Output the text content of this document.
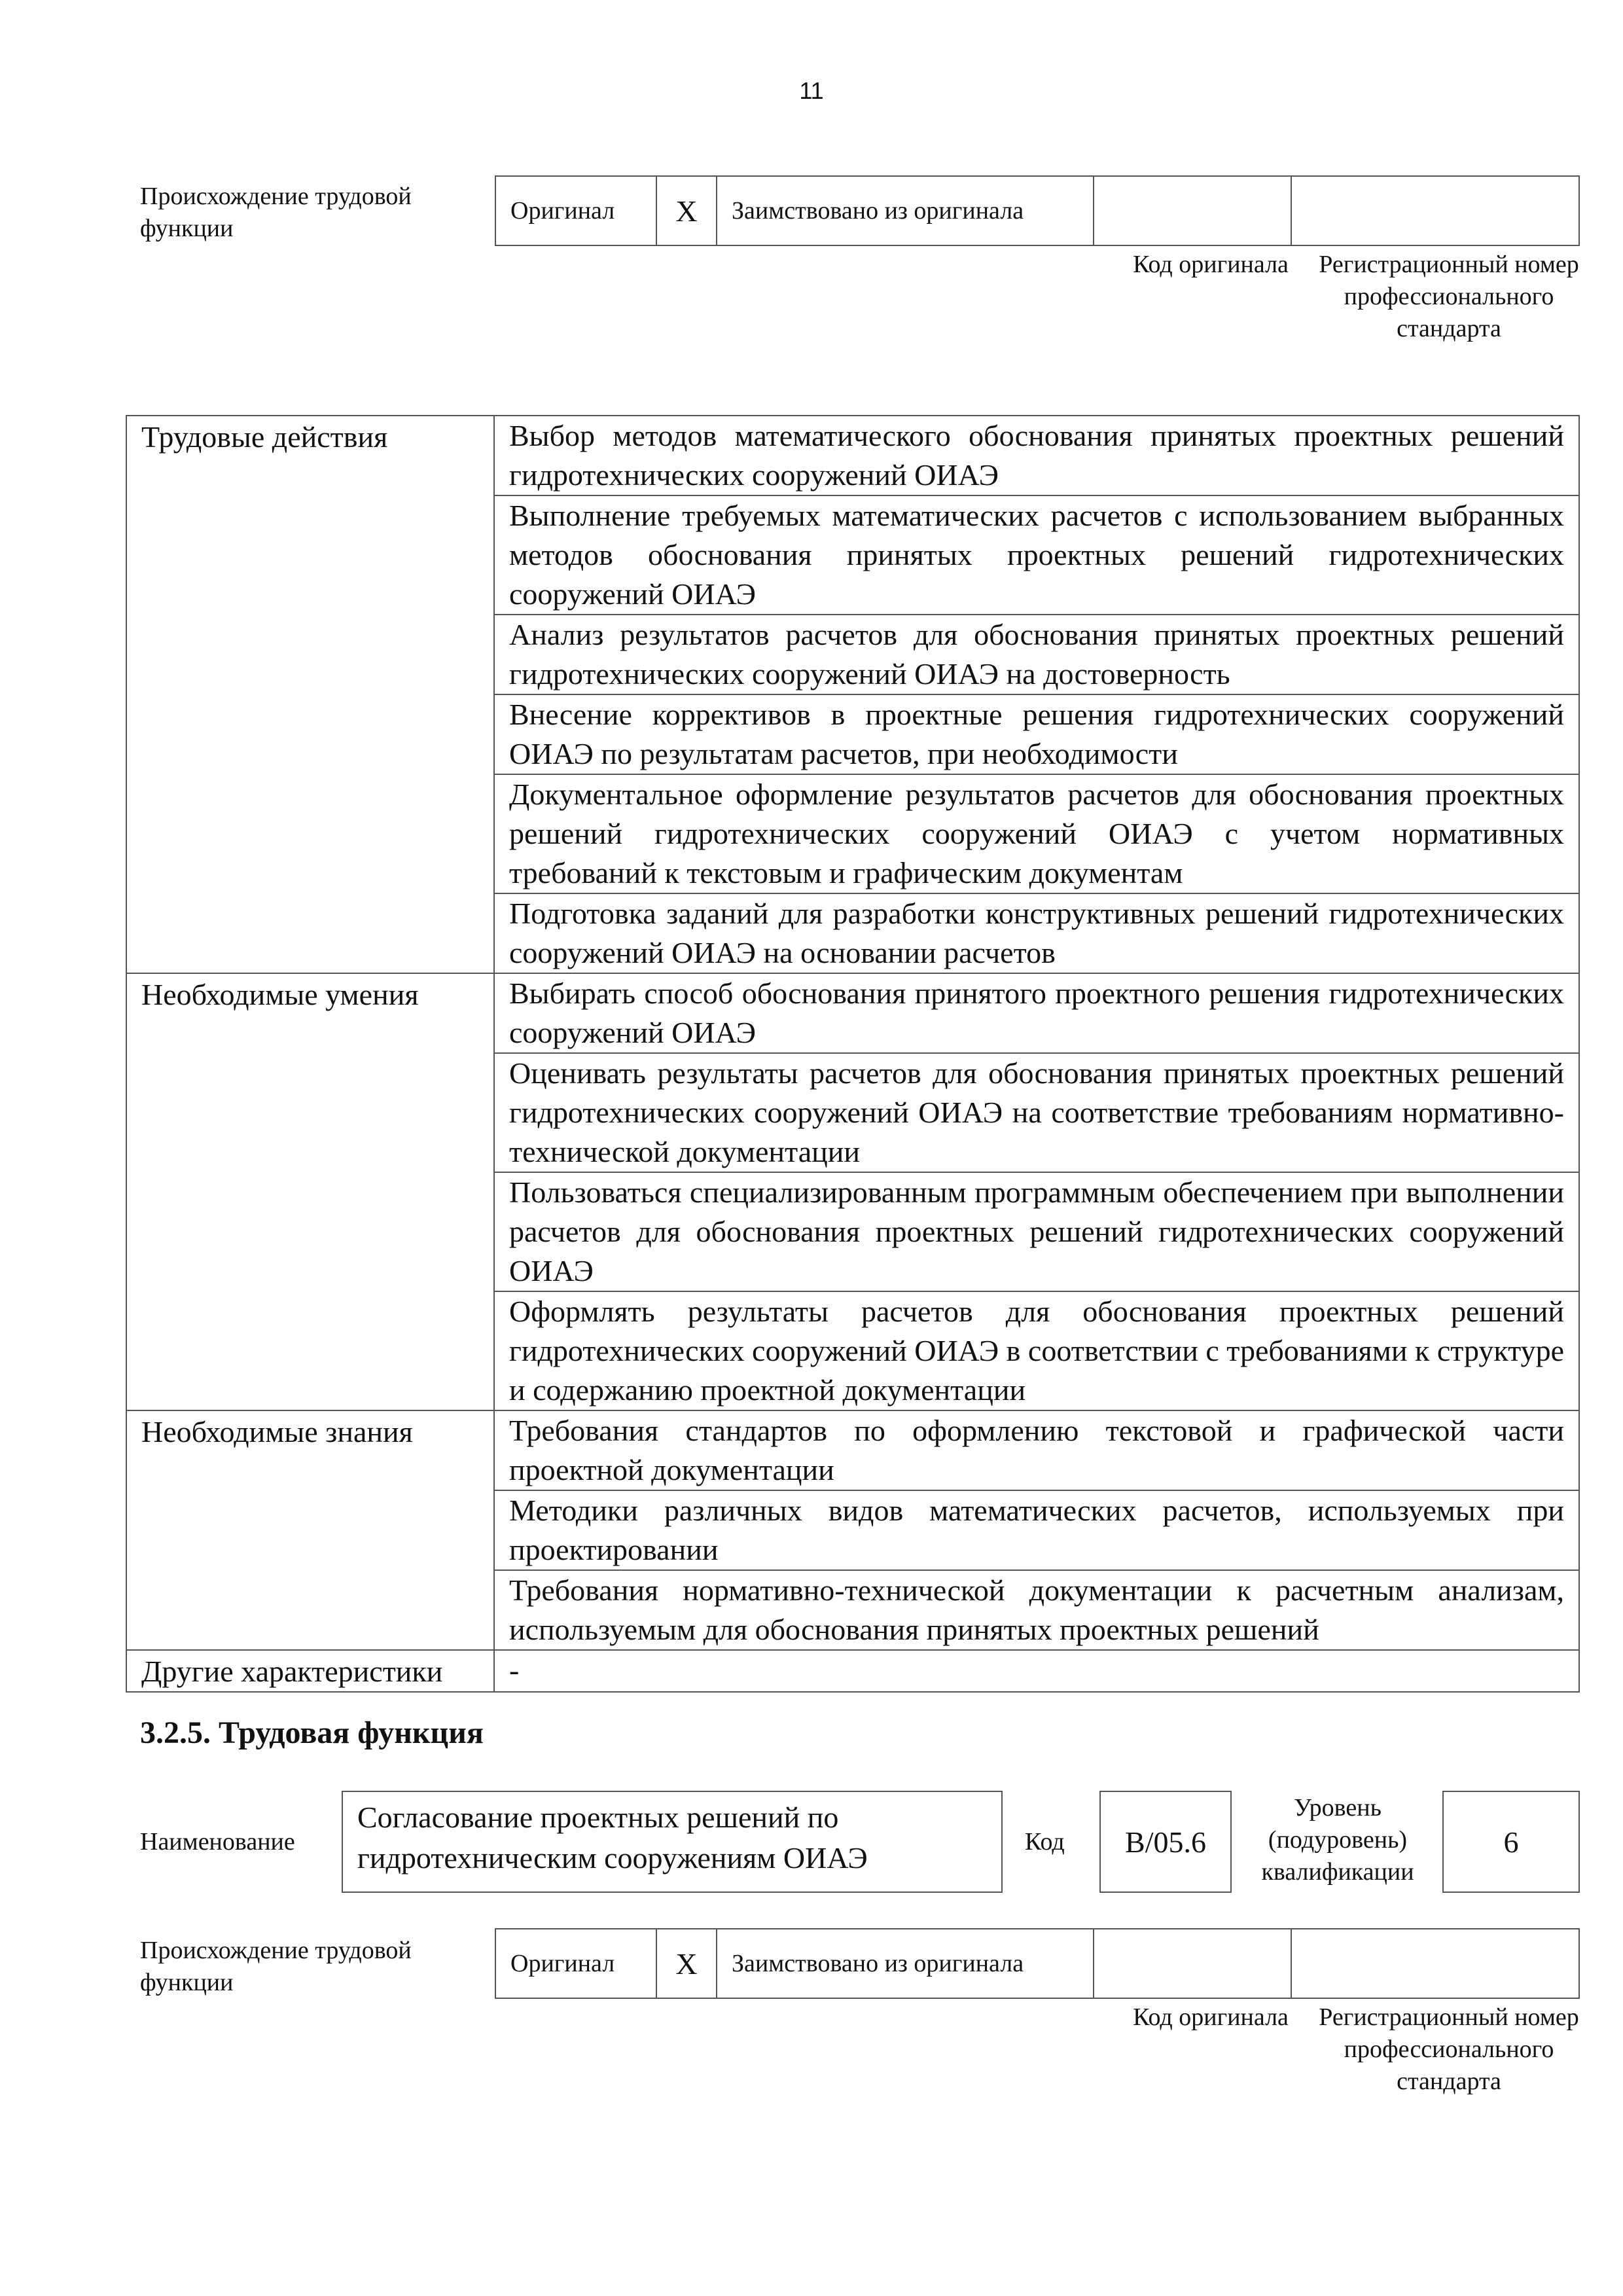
11
Происхождение трудовой функции
Оригинал	X	Заимствовано из оригинала		
Код оригинала	Регистрационный номер профессионального стандарта
Трудовые действия	Выбор методов математического обоснования принятых проектных решений гидротехнических сооружений ОИАЭ
	Выполнение требуемых математических расчетов с использованием выбранных методов обоснования принятых проектных решений гидротехнических сооружений ОИАЭ
	Анализ результатов расчетов для обоснования принятых проектных решений гидротехнических сооружений ОИАЭ на достоверность
	Внесение коррективов в проектные решения гидротехнических сооружений ОИАЭ по результатам расчетов, при необходимости
	Документальное оформление результатов расчетов для обоснования проектных решений гидротехнических сооружений ОИАЭ с учетом нормативных требований к текстовым и графическим документам
	Подготовка заданий для разработки конструктивных решений гидротехнических сооружений ОИАЭ на основании расчетов
Необходимые умения	Выбирать способ обоснования принятого проектного решения гидротехнических сооружений ОИАЭ
	Оценивать результаты расчетов для обоснования принятых проектных решений гидротехнических сооружений ОИАЭ на соответствие требованиям нормативно-технической документации
	Пользоваться специализированным программным обеспечением при выполнении расчетов для обоснования проектных решений гидротехнических сооружений ОИАЭ
	Оформлять результаты расчетов для обоснования проектных решений гидротехнических сооружений ОИАЭ в соответствии с требованиями к структуре и содержанию проектной документации
Необходимые знания	Требования стандартов по оформлению текстовой и графической части проектной документации
	Методики различных видов математических расчетов, используемых при проектировании
	Требования нормативно-технической документации к расчетным анализам, используемым для обоснования принятых проектных решений
Другие характеристики	-
3.2.5. Трудовая функция
Наименование
Согласование проектных решений по гидротехническим сооружениям ОИАЭ	Код	В/05.6
Уровень (подуровень) квалификации
6
Происхождение трудовой функции
Оригинал	X	Заимствовано из оригинала		
Код оригинала	Регистрационный номер профессионального стандарта
